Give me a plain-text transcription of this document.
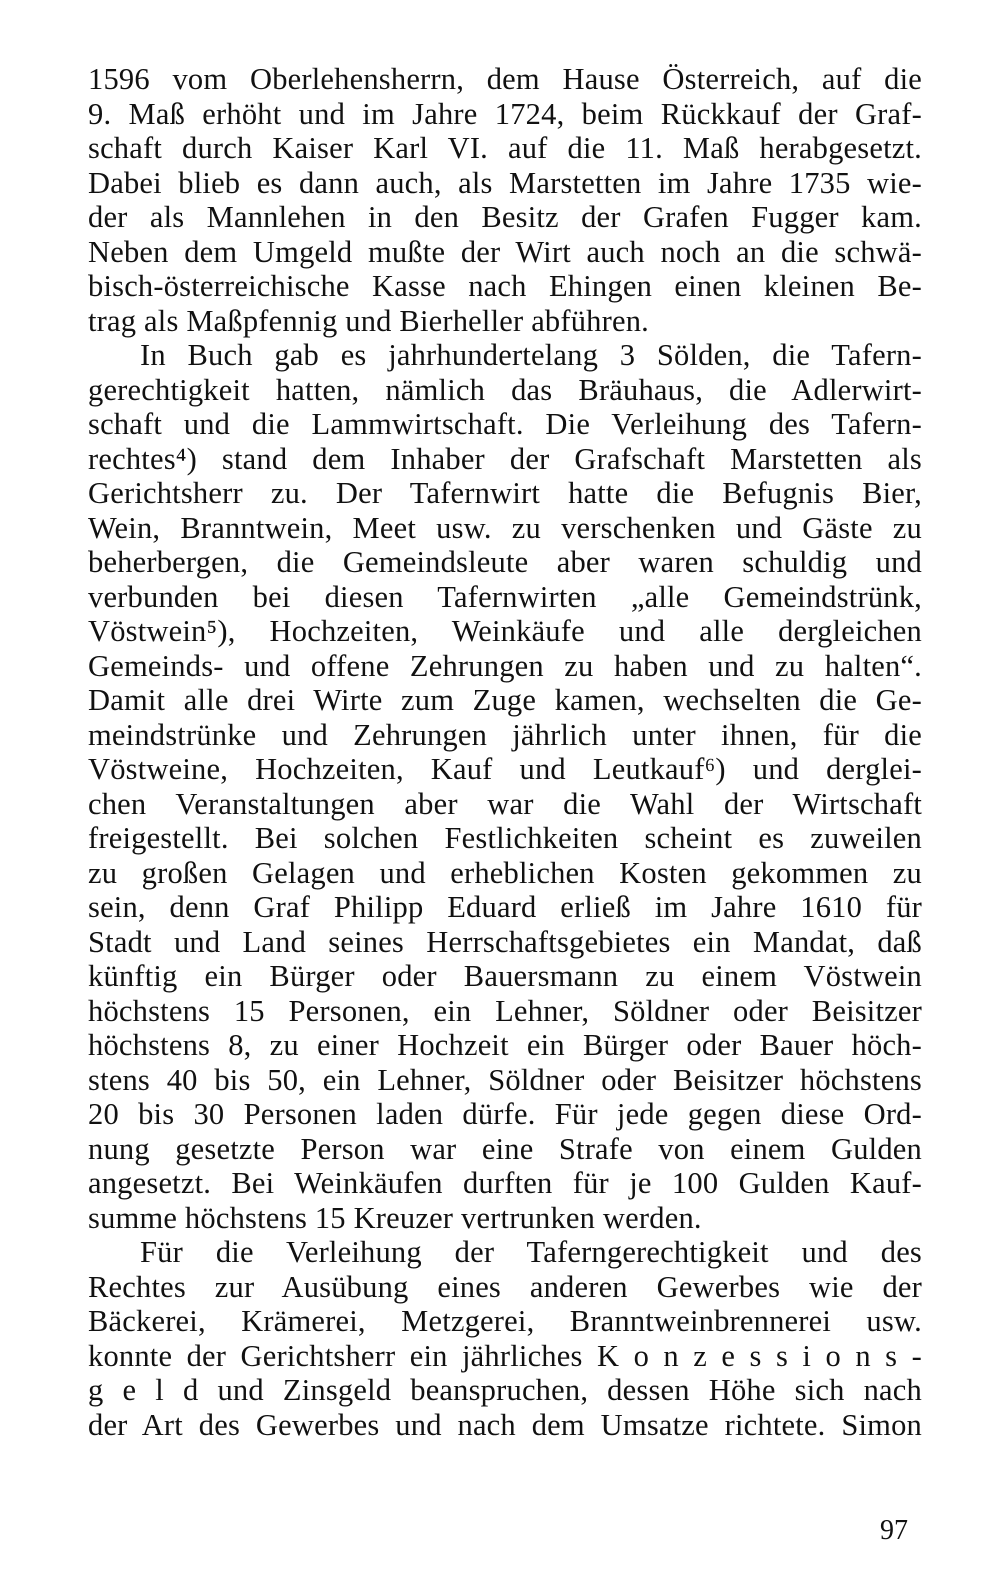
1596 vom Oberlehensherrn, dem Hause Österreich, auf die
9. Maß erhöht und im Jahre 1724, beim Rückkauf der Graf-
schaft durch Kaiser Karl VI. auf die 11. Maß herabgesetzt.
Dabei blieb es dann auch, als Marstetten im Jahre 1735 wie-
der als Mannlehen in den Besitz der Grafen Fugger kam.
Neben dem Umgeld mußte der Wirt auch noch an die schwä-
bisch-österreichische Kasse nach Ehingen einen kleinen Be-
trag als Maßpfennig und Bierheller abführen.
In Buch gab es jahrhundertelang 3 Sölden, die Tafern-
gerechtigkeit hatten, nämlich das Bräuhaus, die Adlerwirt-
schaft und die Lammwirtschaft. Die Verleihung des Tafern-
rechtes⁴) stand dem Inhaber der Grafschaft Marstetten als
Gerichtsherr zu. Der Tafernwirt hatte die Befugnis Bier,
Wein, Branntwein, Meet usw. zu verschenken und Gäste zu
beherbergen, die Gemeindsleute aber waren schuldig und
verbunden bei diesen Tafernwirten „alle Gemeindstrünk,
Vöstwein⁵), Hochzeiten, Weinkäufe und alle dergleichen
Gemeinds- und offene Zehrungen zu haben und zu halten“.
Damit alle drei Wirte zum Zuge kamen, wechselten die Ge-
meindstrünke und Zehrungen jährlich unter ihnen, für die
Vöstweine, Hochzeiten, Kauf und Leutkauf⁶) und derglei-
chen Veranstaltungen aber war die Wahl der Wirtschaft
freigestellt. Bei solchen Festlichkeiten scheint es zuweilen
zu großen Gelagen und erheblichen Kosten gekommen zu
sein, denn Graf Philipp Eduard erließ im Jahre 1610 für
Stadt und Land seines Herrschaftsgebietes ein Mandat, daß
künftig ein Bürger oder Bauersmann zu einem Vöstwein
höchstens 15 Personen, ein Lehner, Söldner oder Beisitzer
höchstens 8, zu einer Hochzeit ein Bürger oder Bauer höch-
stens 40 bis 50, ein Lehner, Söldner oder Beisitzer höchstens
20 bis 30 Personen laden dürfe. Für jede gegen diese Ord-
nung gesetzte Person war eine Strafe von einem Gulden
angesetzt. Bei Weinkäufen durften für je 100 Gulden Kauf-
summe höchstens 15 Kreuzer vertrunken werden.
Für die Verleihung der Taferngerechtigkeit und des
Rechtes zur Ausübung eines anderen Gewerbes wie der
Bäckerei, Krämerei, Metzgerei, Branntweinbrennerei usw.
konnte der Gerichtsherr ein jährliches K o n z e s s i o n s -
g e l d und Zinsgeld beanspruchen, dessen Höhe sich nach
der Art des Gewerbes und nach dem Umsatze richtete. Simon
97
